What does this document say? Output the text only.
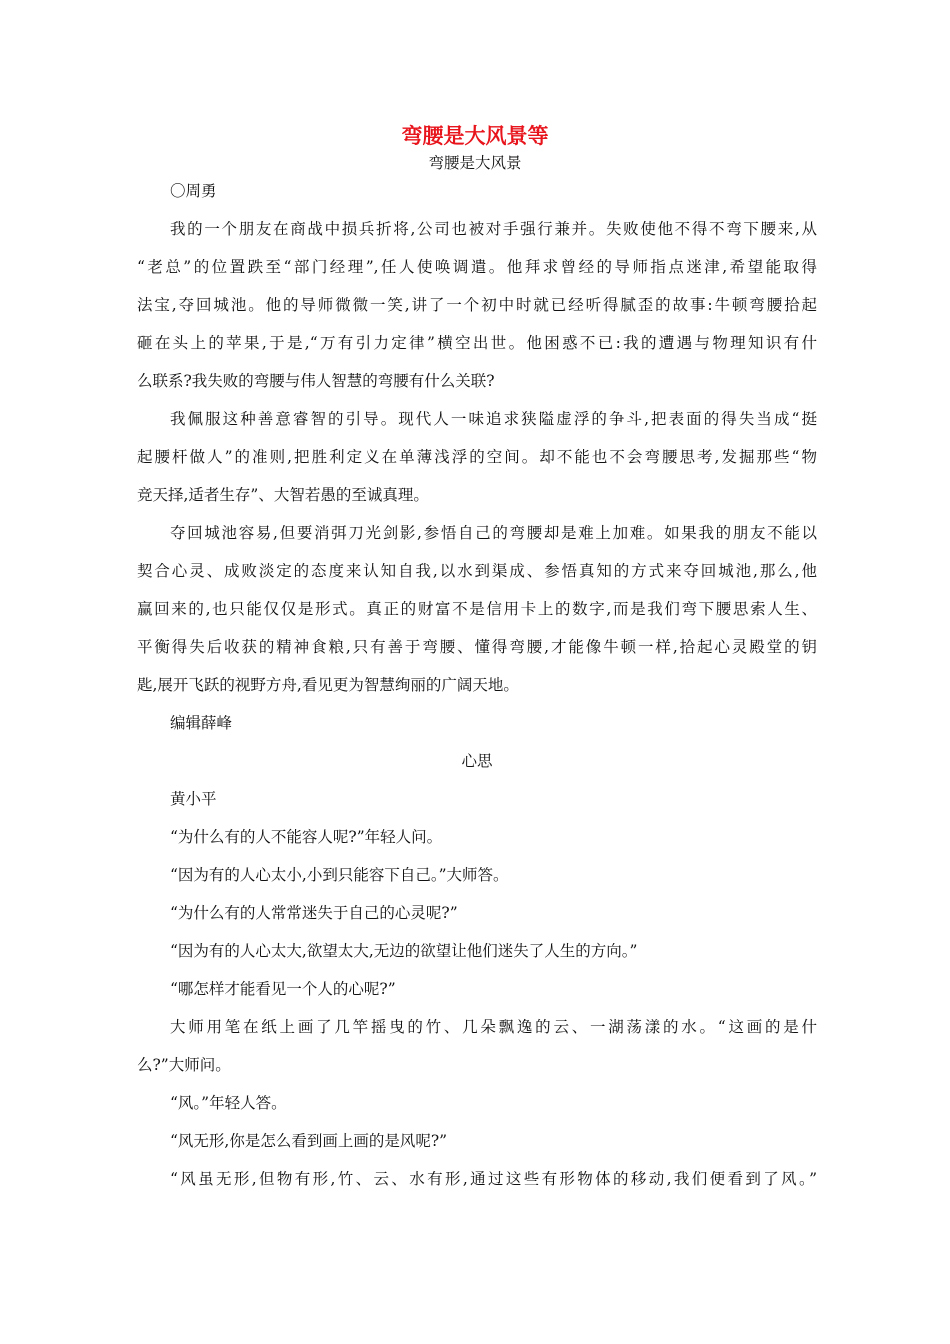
弯腰是大风景等
弯腰是大风景
〇周勇
我的一个朋友在商战中损兵折将,公司也被对手强行兼并。失败使他不得不弯下腰来,从
“老总”的位置跌至“部门经理”,任人使唤调遣。他拜求曾经的导师指点迷津,希望能取得
法宝,夺回城池。他的导师微微一笑,讲了一个初中时就已经听得腻歪的故事:牛顿弯腰拾起
砸在头上的苹果,于是,“万有引力定律”横空出世。他困惑不已:我的遭遇与物理知识有什
么联系?我失败的弯腰与伟人智慧的弯腰有什么关联?
我佩服这种善意睿智的引导。现代人一味追求狭隘虚浮的争斗,把表面的得失当成“挺
起腰杆做人”的准则,把胜利定义在单薄浅浮的空间。却不能也不会弯腰思考,发掘那些“物
竞天择,适者生存”、大智若愚的至诚真理。
夺回城池容易,但要消弭刀光剑影,参悟自己的弯腰却是难上加难。如果我的朋友不能以
契合心灵、成败淡定的态度来认知自我,以水到渠成、参悟真知的方式来夺回城池,那么,他
赢回来的,也只能仅仅是形式。真正的财富不是信用卡上的数字,而是我们弯下腰思索人生、
平衡得失后收获的精神食粮,只有善于弯腰、懂得弯腰,才能像牛顿一样,拾起心灵殿堂的钥
匙,展开飞跃的视野方舟,看见更为智慧绚丽的广阔天地。
编辑薛峰
心思
黄小平
“为什么有的人不能容人呢?”年轻人问。
“因为有的人心太小,小到只能容下自己。”大师答。
“为什么有的人常常迷失于自己的心灵呢?”
“因为有的人心太大,欲望太大,无边的欲望让他们迷失了人生的方向。”
“哪怎样才能看见一个人的心呢?”
大师用笔在纸上画了几竿摇曳的竹、几朵飘逸的云、一湖荡漾的水。“这画的是什
么?”大师问。
“风。”年轻人答。
“风无形,你是怎么看到画上画的是风呢?”
“风虽无形,但物有形,竹、云、水有形,通过这些有形物体的移动,我们便看到了风。”
